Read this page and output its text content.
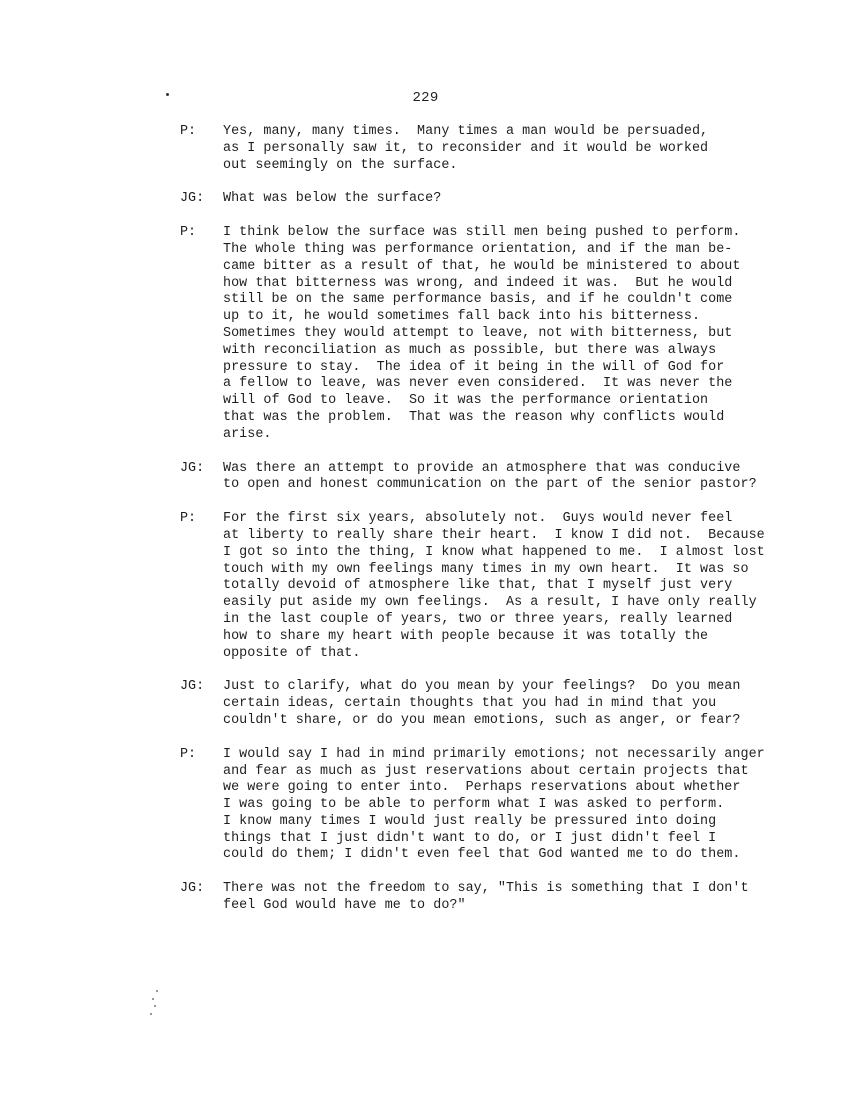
229
P:	Yes, many, many times.  Many times a man would be persuaded,
as I personally saw it, to reconsider and it would be worked
out seemingly on the surface.
JG:	What was below the surface?
P:	I think below the surface was still men being pushed to perform.
The whole thing was performance orientation, and if the man be-
came bitter as a result of that, he would be ministered to about
how that bitterness was wrong, and indeed it was.  But he would
still be on the same performance basis, and if he couldn't come
up to it, he would sometimes fall back into his bitterness.
Sometimes they would attempt to leave, not with bitterness, but
with reconciliation as much as possible, but there was always
pressure to stay.  The idea of it being in the will of God for
a fellow to leave, was never even considered.  It was never the
will of God to leave.  So it was the performance orientation
that was the problem.  That was the reason why conflicts would
arise.
JG:	Was there an attempt to provide an atmosphere that was conducive
to open and honest communication on the part of the senior pastor?
P:	For the first six years, absolutely not.  Guys would never feel
at liberty to really share their heart.  I know I did not.  Because
I got so into the thing, I know what happened to me.  I almost lost
touch with my own feelings many times in my own heart.  It was so
totally devoid of atmosphere like that, that I myself just very
easily put aside my own feelings.  As a result, I have only really
in the last couple of years, two or three years, really learned
how to share my heart with people because it was totally the
opposite of that.
JG:	Just to clarify, what do you mean by your feelings?  Do you mean
certain ideas, certain thoughts that you had in mind that you
couldn't share, or do you mean emotions, such as anger, or fear?
P:	I would say I had in mind primarily emotions; not necessarily anger
and fear as much as just reservations about certain projects that
we were going to enter into.  Perhaps reservations about whether
I was going to be able to perform what I was asked to perform.
I know many times I would just really be pressured into doing
things that I just didn't want to do, or I just didn't feel I
could do them; I didn't even feel that God wanted me to do them.
JG:	There was not the freedom to say, "This is something that I don't
feel God would have me to do?"
